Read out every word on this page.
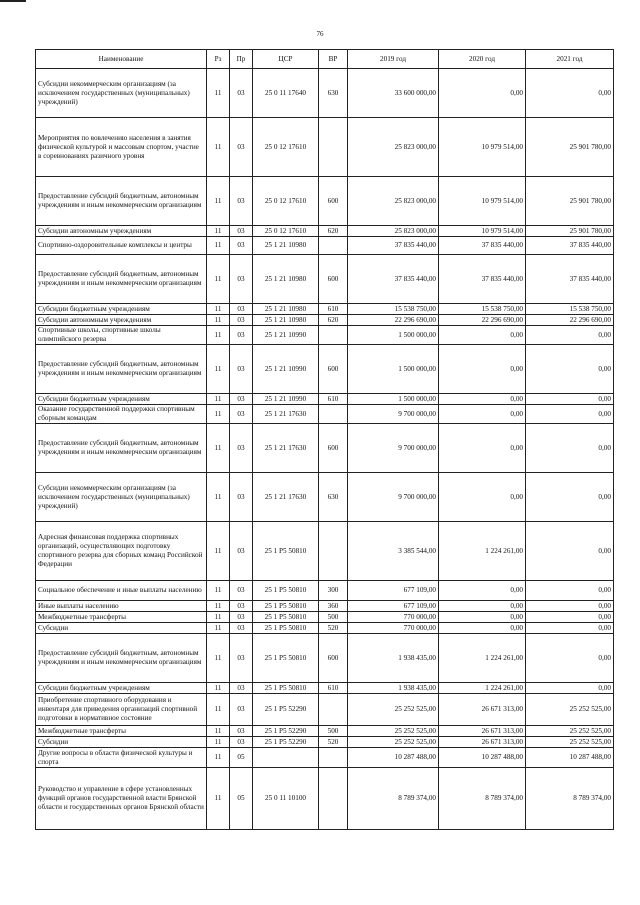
76
Наименование	Рз	Пр	ЦСР	ВР	2019 год	2020 год	2021 год
Субсидии некоммерческим организациям (за исключением государственных (муниципальных) учреждений)	11	03	25 0 11 17640	630	33 600 000,00	0,00	0,00
Мероприятия по вовлечению населения в занятия физической культурой и массовым спортом, участие в соревнованиях разичного уровня	11	03	25 0 12 17610		25 823 000,00	10 979 514,00	25 901 780,00
Предоставление субсидий бюджетным, автономным учреждениям и иным некоммерческим организациям	11	03	25 0 12 17610	600	25 823 000,00	10 979 514,00	25 901 780,00
Субсидии автономным учреждениям	11	03	25 0 12 17610	620	25 823 000,00	10 979 514,00	25 901 780,00
Спортивно-оздоровительные комплексы и центры	11	03	25 1 21 10980		37 835 440,00	37 835 440,00	37 835 440,00
Предоставление субсидий бюджетным, автономным учреждениям и иным некоммерческим организациям	11	03	25 1 21 10980	600	37 835 440,00	37 835 440,00	37 835 440,00
Субсидии бюджетным учреждениям	11	03	25 1 21 10980	610	15 538 750,00	15 538 750,00	15 538 750,00
Субсидии автономным учреждениям	11	03	25 1 21 10980	620	22 296 690,00	22 296 690,00	22 296 690,00
Спортивные школы, спортивные школы олимпийского резерва	11	03	25 1 21 10990		1 500 000,00	0,00	0,00
Предоставление субсидий бюджетным, автономным учреждениям и иным некоммерческим организациям	11	03	25 1 21 10990	600	1 500 000,00	0,00	0,00
Субсидии бюджетным учреждениям	11	03	25 1 21 10990	610	1 500 000,00	0,00	0,00
Оказание государственной поддержки спортивным сборным командам	11	03	25 1 21 17630		9 700 000,00	0,00	0,00
Предоставление субсидий бюджетным, автономным учреждениям и иным некоммерческим организациям	11	03	25 1 21 17630	600	9 700 000,00	0,00	0,00
Субсидии некоммерческим организациям (за исключением государственных (муниципальных) учреждений)	11	03	25 1 21 17630	630	9 700 000,00	0,00	0,00
Адресная финансовая поддержка спортивных организаций, осуществляющих подготовку спортивного резерва для сборных команд Российской Федерации	11	03	25 1 P5 50810		3 385 544,00	1 224 261,00	0,00
Социальное обеспечение и иные выплаты населению	11	03	25 1 P5 50810	300	677 109,00	0,00	0,00
Иные выплаты населению	11	03	25 1 P5 50810	360	677 109,00	0,00	0,00
Межбюджетные трансферты	11	03	25 1 P5 50810	500	770 000,00	0,00	0,00
Субсидии	11	03	25 1 P5 50810	520	770 000,00	0,00	0,00
Предоставление субсидий бюджетным, автономным учреждениям и иным некоммерческим организациям	11	03	25 1 P5 50810	600	1 938 435,00	1 224 261,00	0,00
Субсидии бюджетным учреждениям	11	03	25 1 P5 50810	610	1 938 435,00	1 224 261,00	0,00
Приобретение спортивного оборудования и инвентаря для приведения организаций спортивной подготовки в нормативное состояние	11	03	25 1 P5 52290		25 252 525,00	26 671 313,00	25 252 525,00
Межбюджетные трансферты	11	03	25 1 P5 52290	500	25 252 525,00	26 671 313,00	25 252 525,00
Субсидии	11	03	25 1 P5 52290	520	25 252 525,00	26 671 313,00	25 252 525,00
Другие вопросы в области физической культуры и спорта	11	05			10 287 488,00	10 287 488,00	10 287 488,00
Руководство и управление в сфере установленных функций органов государственной власти Брянской области и государственных органов Брянской области	11	05	25 0 11 10100		8 789 374,00	8 789 374,00	8 789 374,00
